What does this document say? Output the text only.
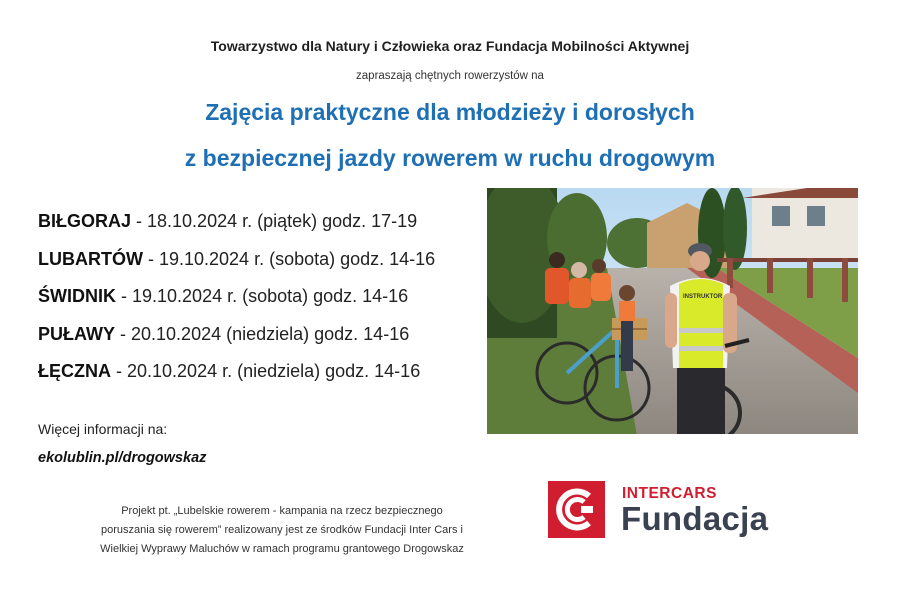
Towarzystwo dla Natury i Człowieka oraz Fundacja Mobilności Aktywnej
zapraszają chętnych rowerzystów na
Zajęcia praktyczne dla młodzieży i dorosłych
z bezpiecznej jazdy rowerem w ruchu drogowym
BIŁGORAJ - 18.10.2024 r. (piątek) godz. 17-19
LUBARTÓW - 19.10.2024 r. (sobota) godz. 14-16
ŚWIDNIK - 19.10.2024 r. (sobota) godz. 14-16
PUŁAWY - 20.10.2024 (niedziela) godz. 14-16
ŁĘCZNA - 20.10.2024 r. (niedziela) godz. 14-16
Więcej informacji na:
ekolublin.pl/drogowskaz
Projekt pt. „Lubelskie rowerem - kampania na rzecz bezpiecznego
poruszania się rowerem” realizowany jest ze środków Fundacji Inter Cars i
Wielkiej Wyprawy Maluchów w ramach programu grantowego Drogowskaz
INSTRUKTOR
INTERCARS
Fundacja
